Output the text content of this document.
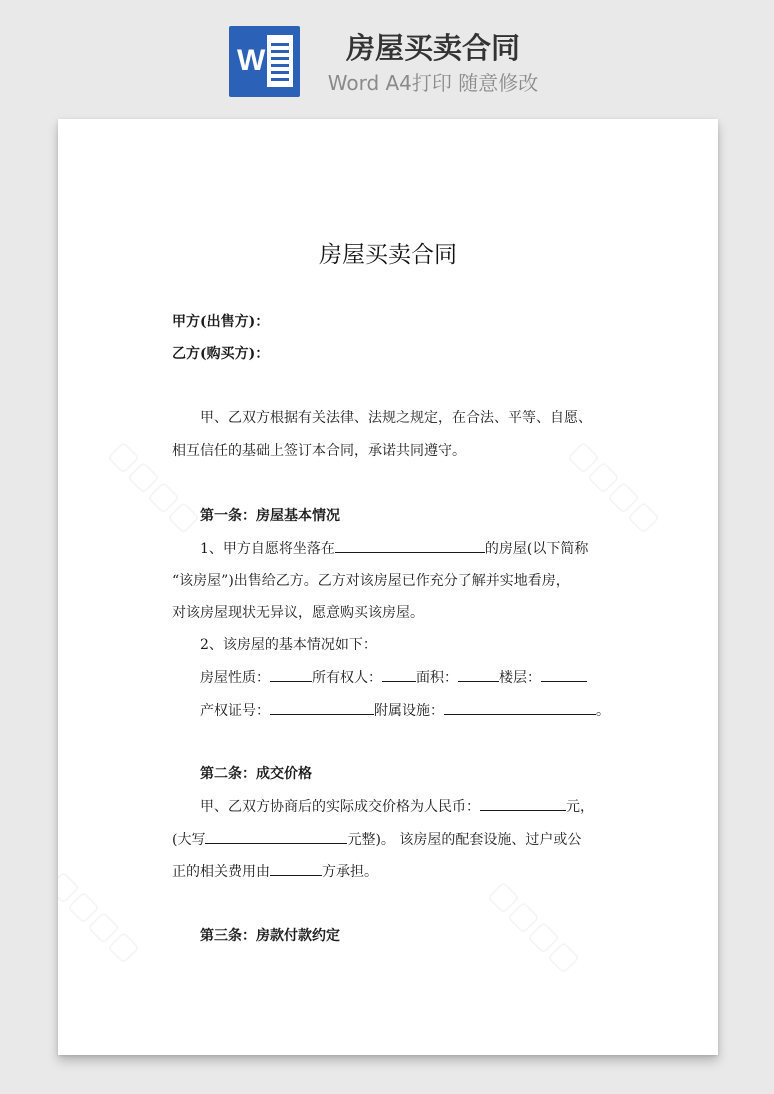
W	房屋买卖合同
Word A4打印 随意修改
房屋买卖合同
甲方(出售方)：
乙方(购买方)：
甲、乙双方根据有关法律、法规之规定，在合法、平等、自愿、
相互信任的基础上签订本合同，承诺共同遵守。
第一条：房屋基本情况
1、甲方自愿将坐落在	的房屋(以下简称
“该房屋”)出售给乙方。乙方对该房屋已作充分了解并实地看房，
对该房屋现状无异议，愿意购买该房屋。
2、该房屋的基本情况如下：
房屋性质：	所有权人： 面积：	楼层：
产权证号：	附属设施：	。
第二条：成交价格
甲、乙双方协商后的实际成交价格为人民币：	元，
(大写	元整)。 该房屋的配套设施、过户或公
正的相关费用由	方承担。
第三条：房款付款约定
